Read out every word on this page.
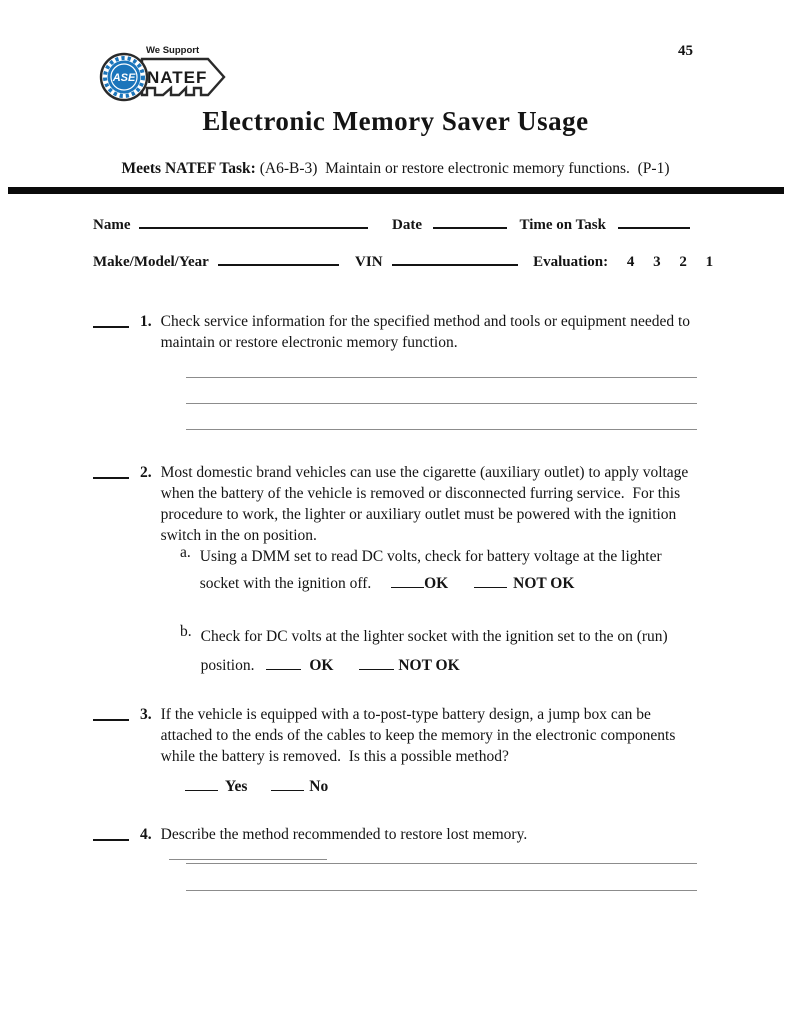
45
ASE
We Support
NATEF
Electronic Memory Saver Usage
Meets NATEF Task: (A6-B-3)  Maintain or restore electronic memory functions.  (P-1)
Name	Date	Time on Task
Make/Model/Year	VIN	Evaluation: 4 3 2 1
1. Check service information for the specified method and tools or equipment needed to maintain or restore electronic memory function.
2. Most domestic brand vehicles can use the cigarette (auxiliary outlet) to apply voltage when the battery of the vehicle is removed or disconnected furring service.  For this procedure to work, the lighter or auxiliary outlet must be powered with the ignition switch in the on position.
a. Using a DMM set to read DC volts, check for battery voltage at the lighter socket with the ignition off.	OK	NOT OK
b. Check for DC volts at the lighter socket with the ignition set to the on (run) position.	OK	NOT OK
3. If the vehicle is equipped with a to-post-type battery design, a jump box can be attached to the ends of the cables to keep the memory in the electronic components while the battery is removed.  Is this a possible method?
Yes	No
4. Describe the method recommended to restore lost memory.
